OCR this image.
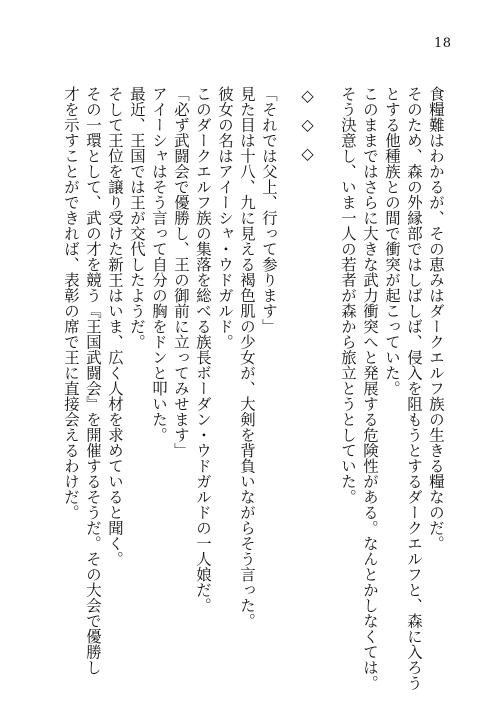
18
食糧難はわかるが、その恵みはダークエルフ族の生きる糧なのだ。
そのため、森の外縁部ではしばしば、侵入を阻もうとするダークエルフと、森に入ろう
とする他種族との間で衝突が起こっていた。
このままではさらに大きな武力衝突へと発展する危険性がある。なんとかしなくては。
そう決意し、いま一人の若者が森から旅立とうとしていた。
◇◇◇
「それでは父上、行って参ります」
見た目は十八、九に見える褐色肌の少女が、大剣を背負いながらそう言った。
彼女の名はアイーシャ・ウドガルド。
このダークエルフ族の集落を総べる族長ボーダン・ウドガルドの一人娘だ。
「必ず武闘会で優勝し、王の御前に立ってみせます」
アイーシャはそう言って自分の胸をドンと叩いた。
最近、王国では王が交代したようだ。
そして王位を譲り受けた新王はいま、広く人材を求めていると聞く。
その一環として、武の才を競う『王国武闘会』を開催するそうだ。その大会で優勝し
才を示すことができれば、表彰の席で王に直接会えるわけだ。
